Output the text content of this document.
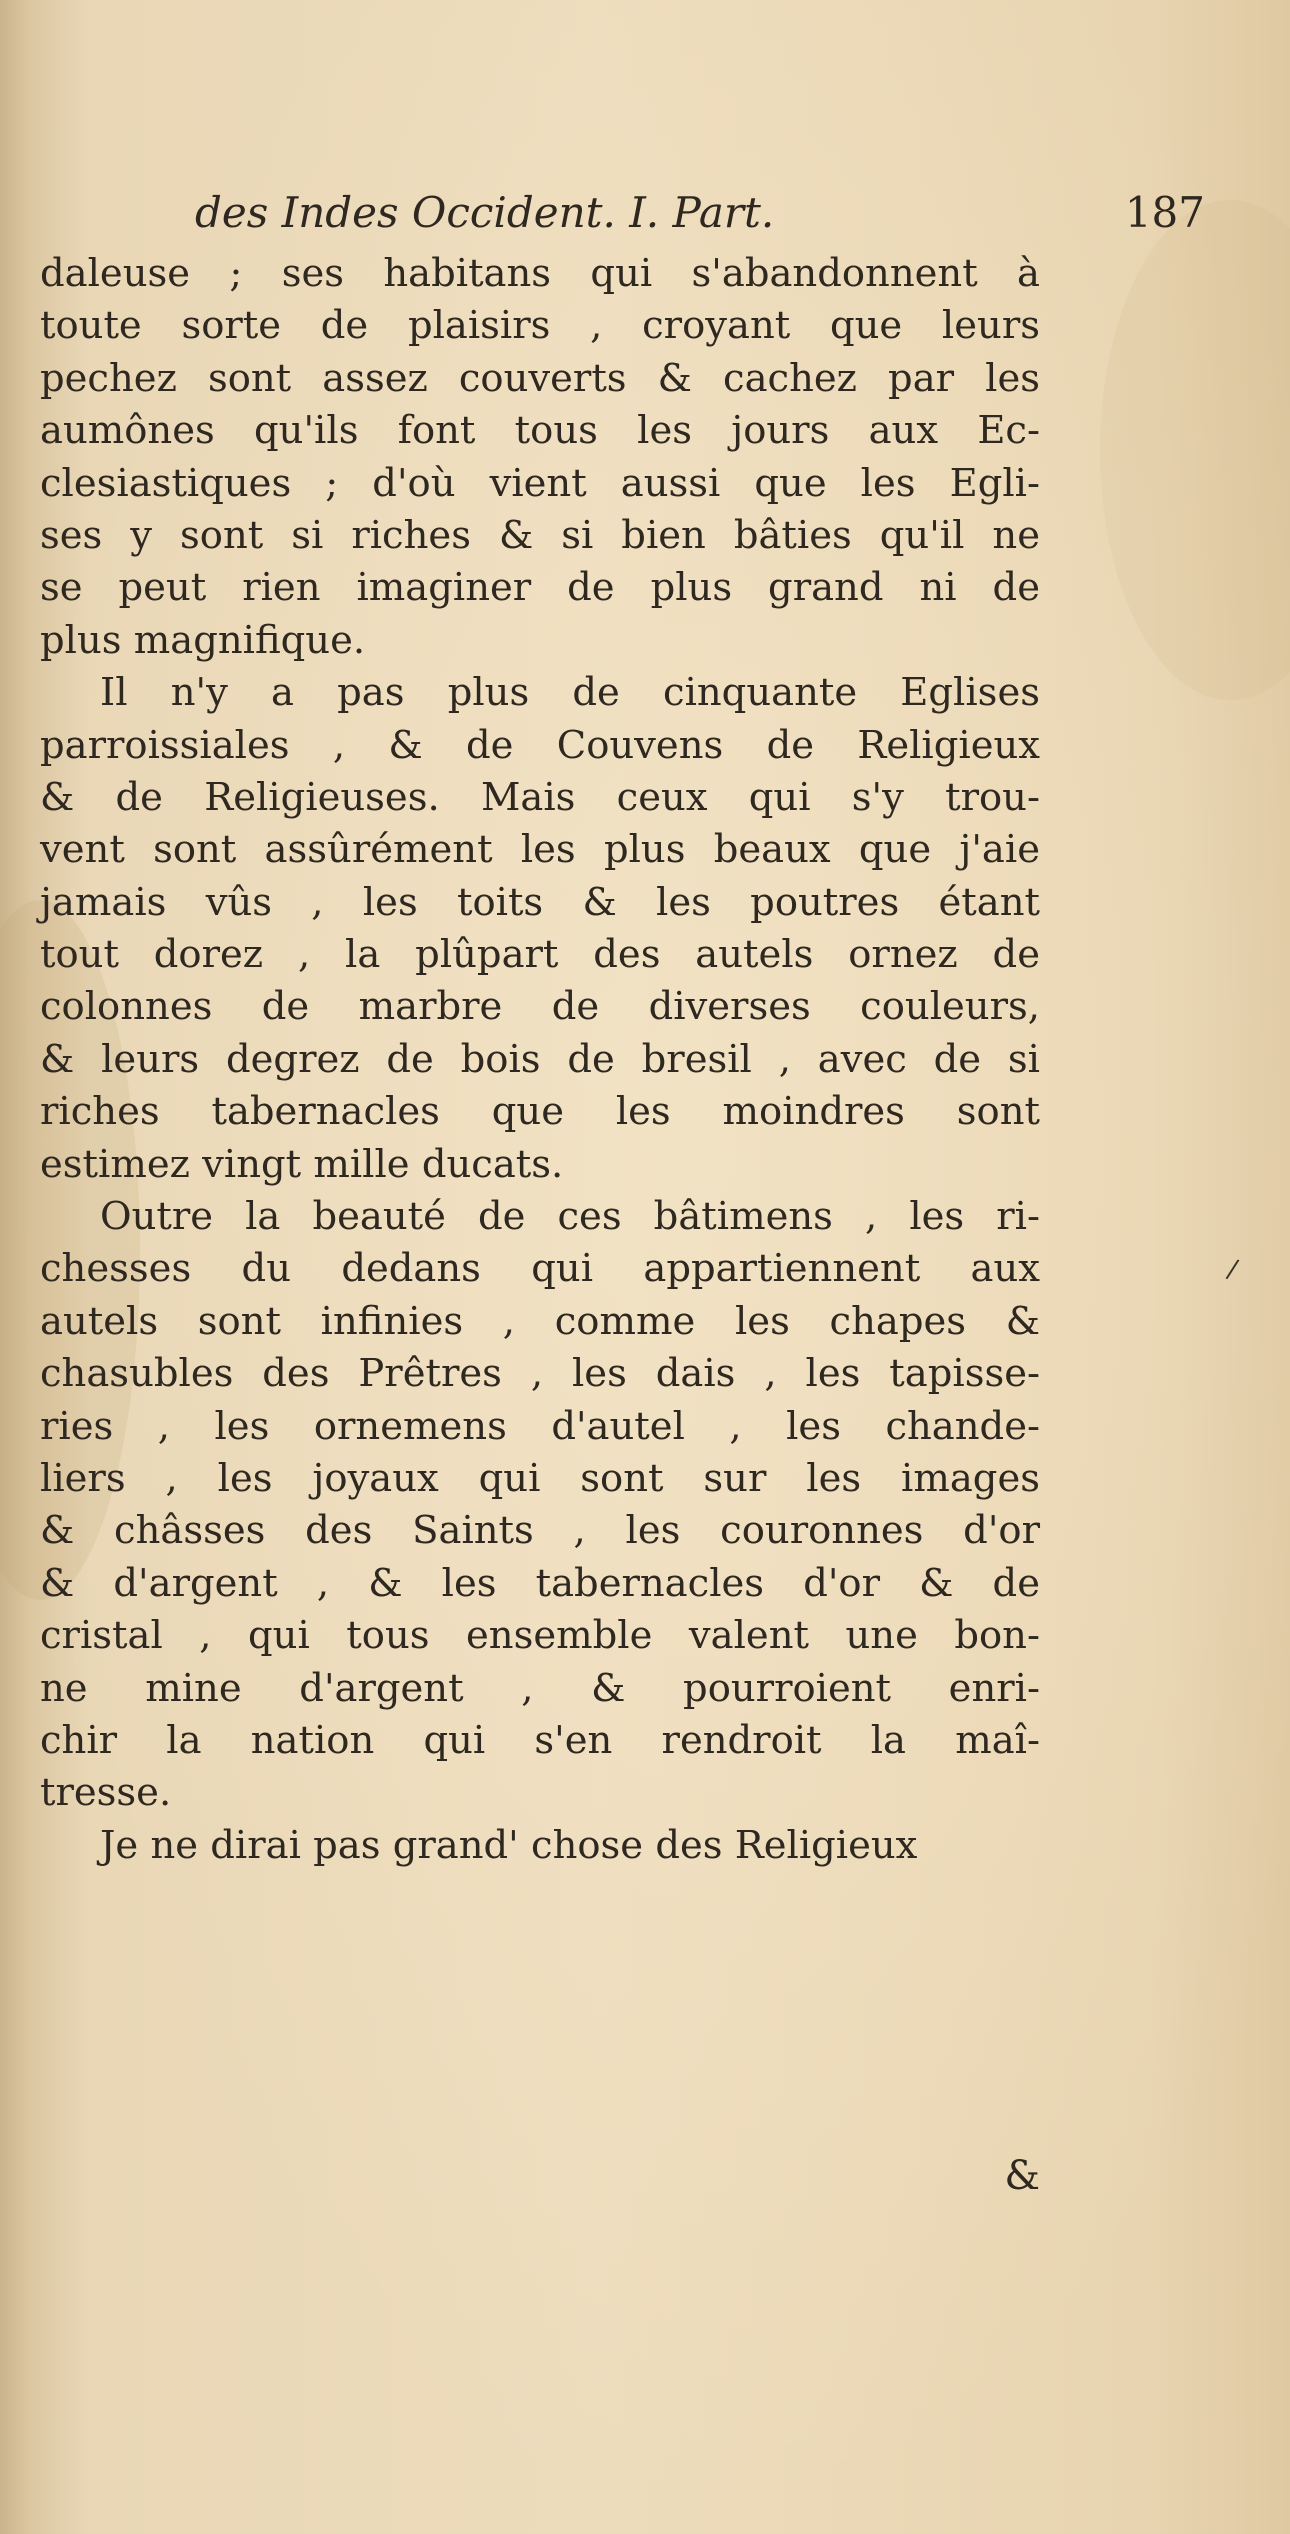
des Indes Occident. I. Part.	187
daleuse ; ses habitans qui s'abandonnent à
toute sorte de plaisirs , croyant que leurs
pechez sont assez couverts & cachez par les
aumônes qu'ils font tous les jours aux Ec-
clesiastiques ; d'où vient aussi que les Egli-
ses y sont si riches & si bien bâties qu'il ne
se peut rien imaginer de plus grand ni de
plus magnifique.
Il n'y a pas plus de cinquante Eglises
parroissiales , & de Couvens de Religieux
& de Religieuses. Mais ceux qui s'y trou-
vent sont assûrément les plus beaux que j'aie
jamais vûs , les toits & les poutres étant
tout dorez , la plûpart des autels ornez de
colonnes de marbre de diverses couleurs,
& leurs degrez de bois de bresil , avec de si
riches tabernacles que les moindres sont
estimez vingt mille ducats.
Outre la beauté de ces bâtimens , les ri-
chesses du dedans qui appartiennent aux
autels sont infinies , comme les chapes &
chasubles des Prêtres , les dais , les tapisse-
ries , les ornemens d'autel , les chande-
liers , les joyaux qui sont sur les images
& châsses des Saints , les couronnes d'or
& d'argent , & les tabernacles d'or & de
cristal , qui tous ensemble valent une bon-
ne mine d'argent , & pourroient enri-
chir la nation qui s'en rendroit la maî-
tresse.
Je ne dirai pas grand' chose des Religieux
&
/
